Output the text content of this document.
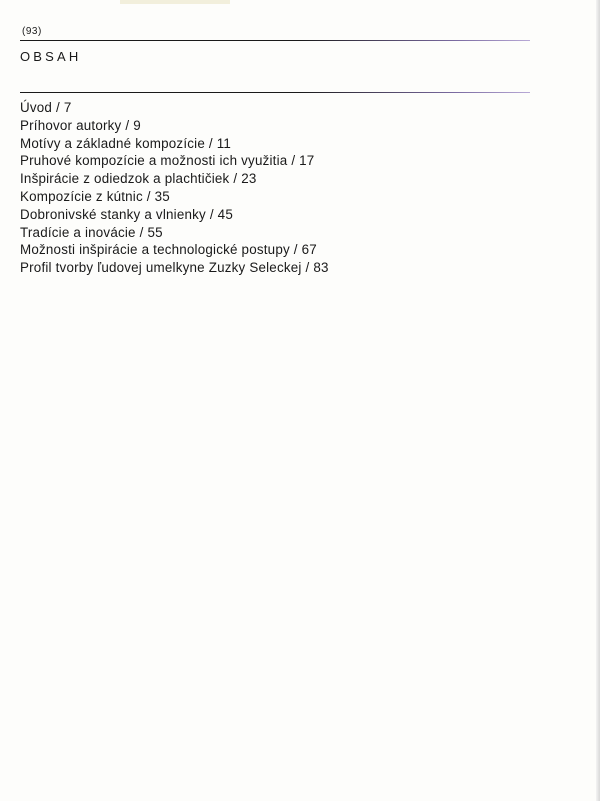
(93)
OBSAH
Úvod / 7
Príhovor autorky / 9
Motívy a základné kompozície / 11
Pruhové kompozície a možnosti ich využitia / 17
Inšpirácie z odiedzok a plachtičiek / 23
Kompozície z kútnic / 35
Dobronivské stanky a vlnienky / 45
Tradície a inovácie / 55
Možnosti inšpirácie a technologické postupy / 67
Profil tvorby ľudovej umelkyne Zuzky Seleckej / 83
